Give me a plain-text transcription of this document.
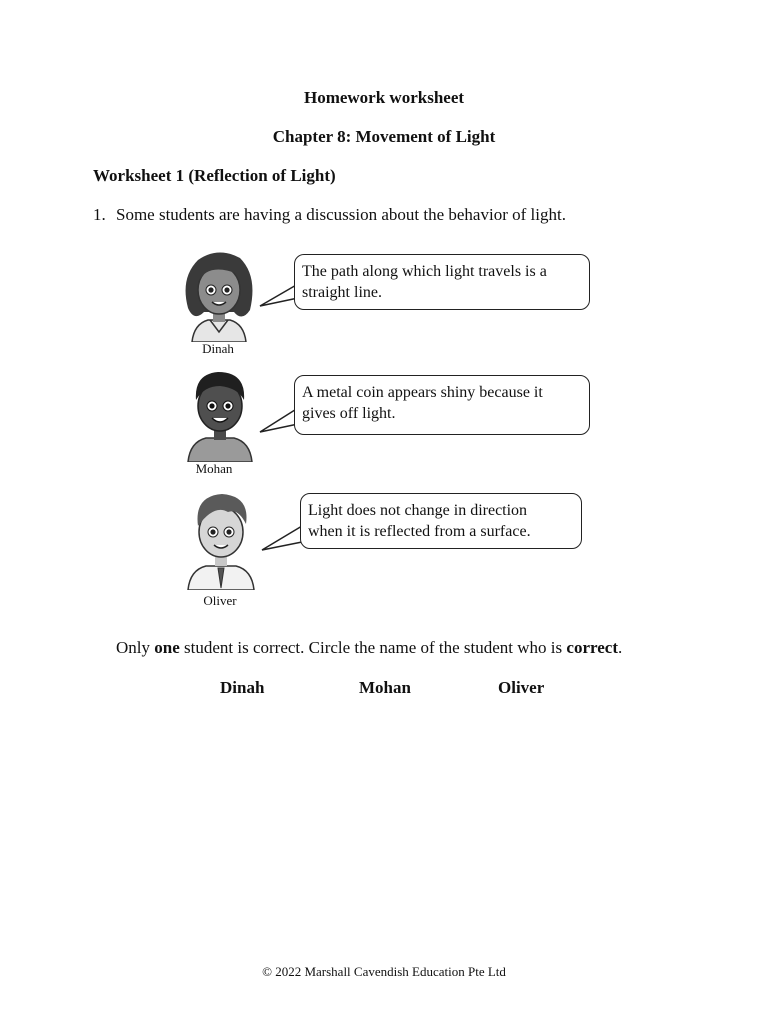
Homework worksheet
Chapter 8: Movement of Light
Worksheet 1 (Reflection of Light)
1. Some students are having a discussion about the behavior of light.
Dinah
The path along which light travels is a
straight line.
Mohan
A metal coin appears shiny because it
gives off light.
Oliver
Light does not change in direction
when it is reflected from a surface.
Only one student is correct. Circle the name of the student who is correct.
Dinah	Mohan	Oliver
© 2022 Marshall Cavendish Education Pte Ltd
